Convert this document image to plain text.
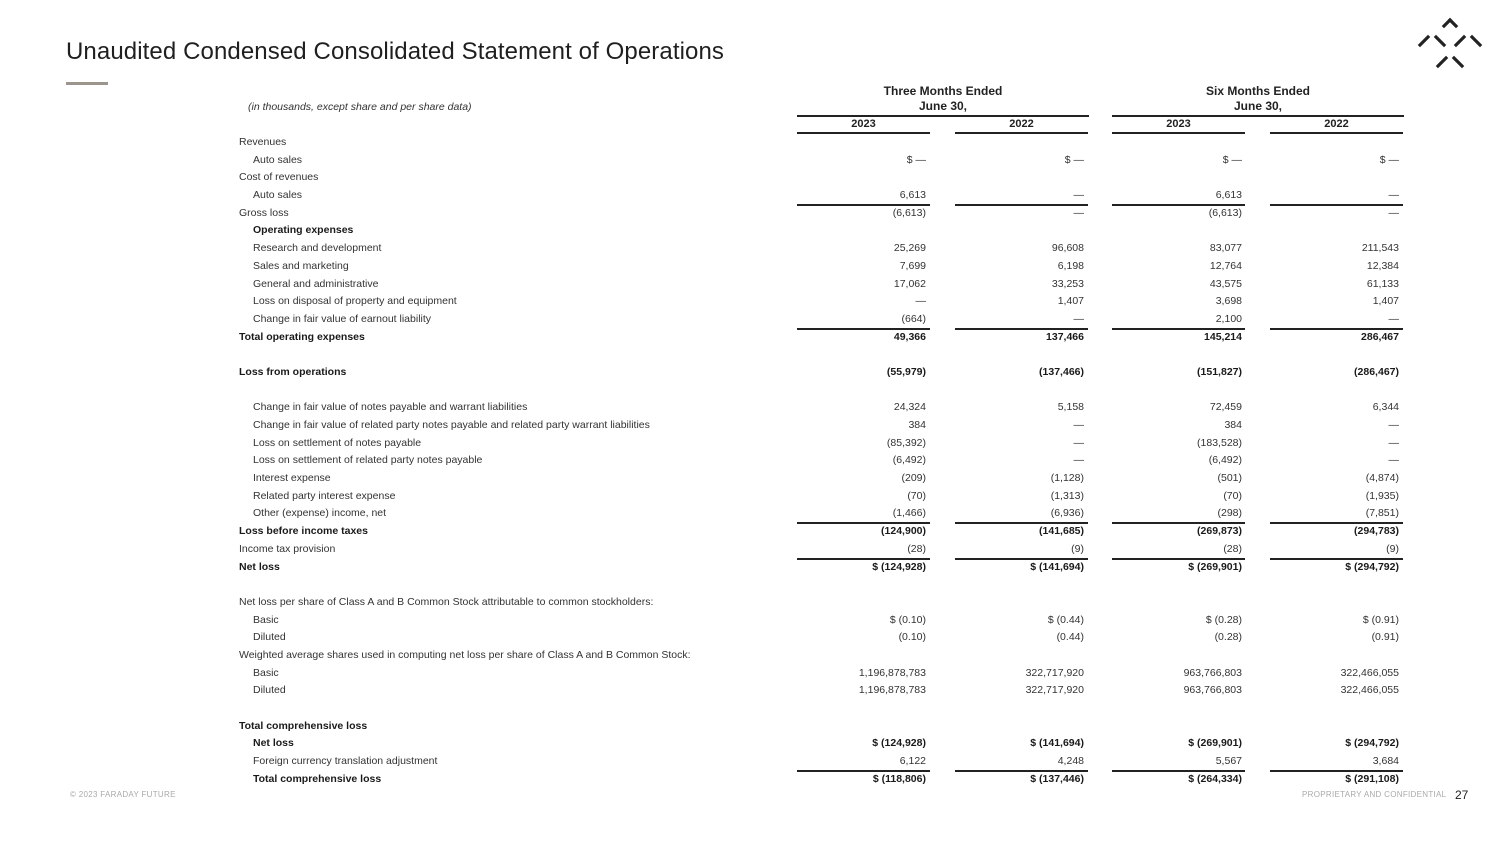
Unaudited Condensed Consolidated Statement of Operations
(in thousands, except share and per share data)
Three Months Ended
June 30,
Six Months Ended
June 30,
2023	2022	2023	2022
Revenues
Auto sales	$ —	$ —	$ —	$ —
Cost of revenues
Auto sales	6,613	—	6,613	—
Gross loss	(6,613)	—	(6,613)	—
Operating expenses
Research and development	25,269	96,608	83,077	211,543
Sales and marketing	7,699	6,198	12,764	12,384
General and administrative	17,062	33,253	43,575	61,133
Loss on disposal of property and equipment	—	1,407	3,698	1,407
Change in fair value of earnout liability	(664)	—	2,100	—
Total operating expenses	49,366	137,466	145,214	286,467
Loss from operations	(55,979)	(137,466)	(151,827)	(286,467)
Change in fair value of notes payable and warrant liabilities	24,324	5,158	72,459	6,344
Change in fair value of related party notes payable and related party warrant liabilities	384	—	384	—
Loss on settlement of notes payable	(85,392)	—	(183,528)	—
Loss on settlement of related party notes payable	(6,492)	—	(6,492)	—
Interest expense	(209)	(1,128)	(501)	(4,874)
Related party interest expense	(70)	(1,313)	(70)	(1,935)
Other (expense) income, net	(1,466)	(6,936)	(298)	(7,851)
Loss before income taxes	(124,900)	(141,685)	(269,873)	(294,783)
Income tax provision	(28)	(9)	(28)	(9)
Net loss	$ (124,928)	$ (141,694)	$ (269,901)	$ (294,792)
Net loss per share of Class A and B Common Stock attributable to common stockholders:
Basic	$ (0.10)	$ (0.44)	$ (0.28)	$ (0.91)
Diluted	(0.10)	(0.44)	(0.28)	(0.91)
Weighted average shares used in computing net loss per share of Class A and B Common Stock:
Basic	1,196,878,783	322,717,920	963,766,803	322,466,055
Diluted	1,196,878,783	322,717,920	963,766,803	322,466,055
Total comprehensive loss
Net loss	$ (124,928)	$ (141,694)	$ (269,901)	$ (294,792)
Foreign currency translation adjustment	6,122	4,248	5,567	3,684
Total comprehensive loss	$ (118,806)	$ (137,446)	$ (264,334)	$ (291,108)
© 2023 FARADAY FUTURE	PROPRIETARY AND CONFIDENTIAL 27
